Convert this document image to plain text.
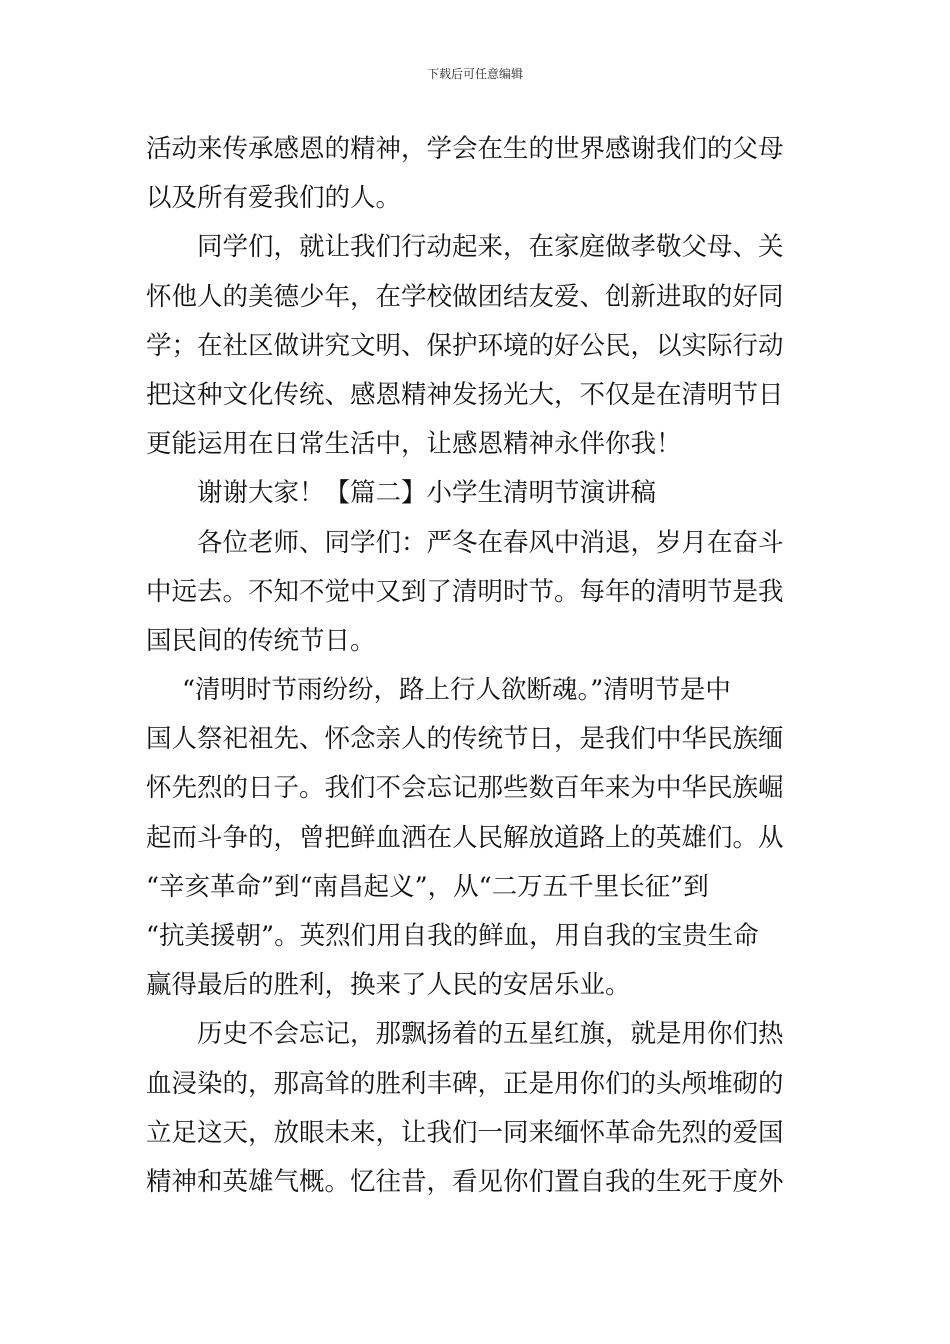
下载后可任意编辑
活动来传承感恩的精神，学会在生的世界感谢我们的父母
以及所有爱我们的人。
同学们，就让我们行动起来，在家庭做孝敬父母、关
怀他人的美德少年，在学校做团结友爱、创新进取的好同
学；在社区做讲究文明、保护环境的好公民，以实际行动
把这种文化传统、感恩精神发扬光大，不仅是在清明节日
更能运用在日常生活中，让感恩精神永伴你我！
谢谢大家！【篇二】小学生清明节演讲稿
各位老师、同学们：严冬在春风中消退，岁月在奋斗
中远去。不知不觉中又到了清明时节。每年的清明节是我
国民间的传统节日。
“清明时节雨纷纷，路上行人欲断魂。”清明节是中
国人祭祀祖先、怀念亲人的传统节日，是我们中华民族缅
怀先烈的日子。我们不会忘记那些数百年来为中华民族崛
起而斗争的，曾把鲜血洒在人民解放道路上的英雄们。从
“辛亥革命”到“南昌起义”，从“二万五千里长征”到
“抗美援朝”。英烈们用自我的鲜血，用自我的宝贵生命
赢得最后的胜利，换来了人民的安居乐业。
历史不会忘记，那飘扬着的五星红旗，就是用你们热
血浸染的，那高耸的胜利丰碑，正是用你们的头颅堆砌的
立足这天，放眼未来，让我们一同来缅怀革命先烈的爱国
精神和英雄气概。忆往昔，看见你们置自我的生死于度外
